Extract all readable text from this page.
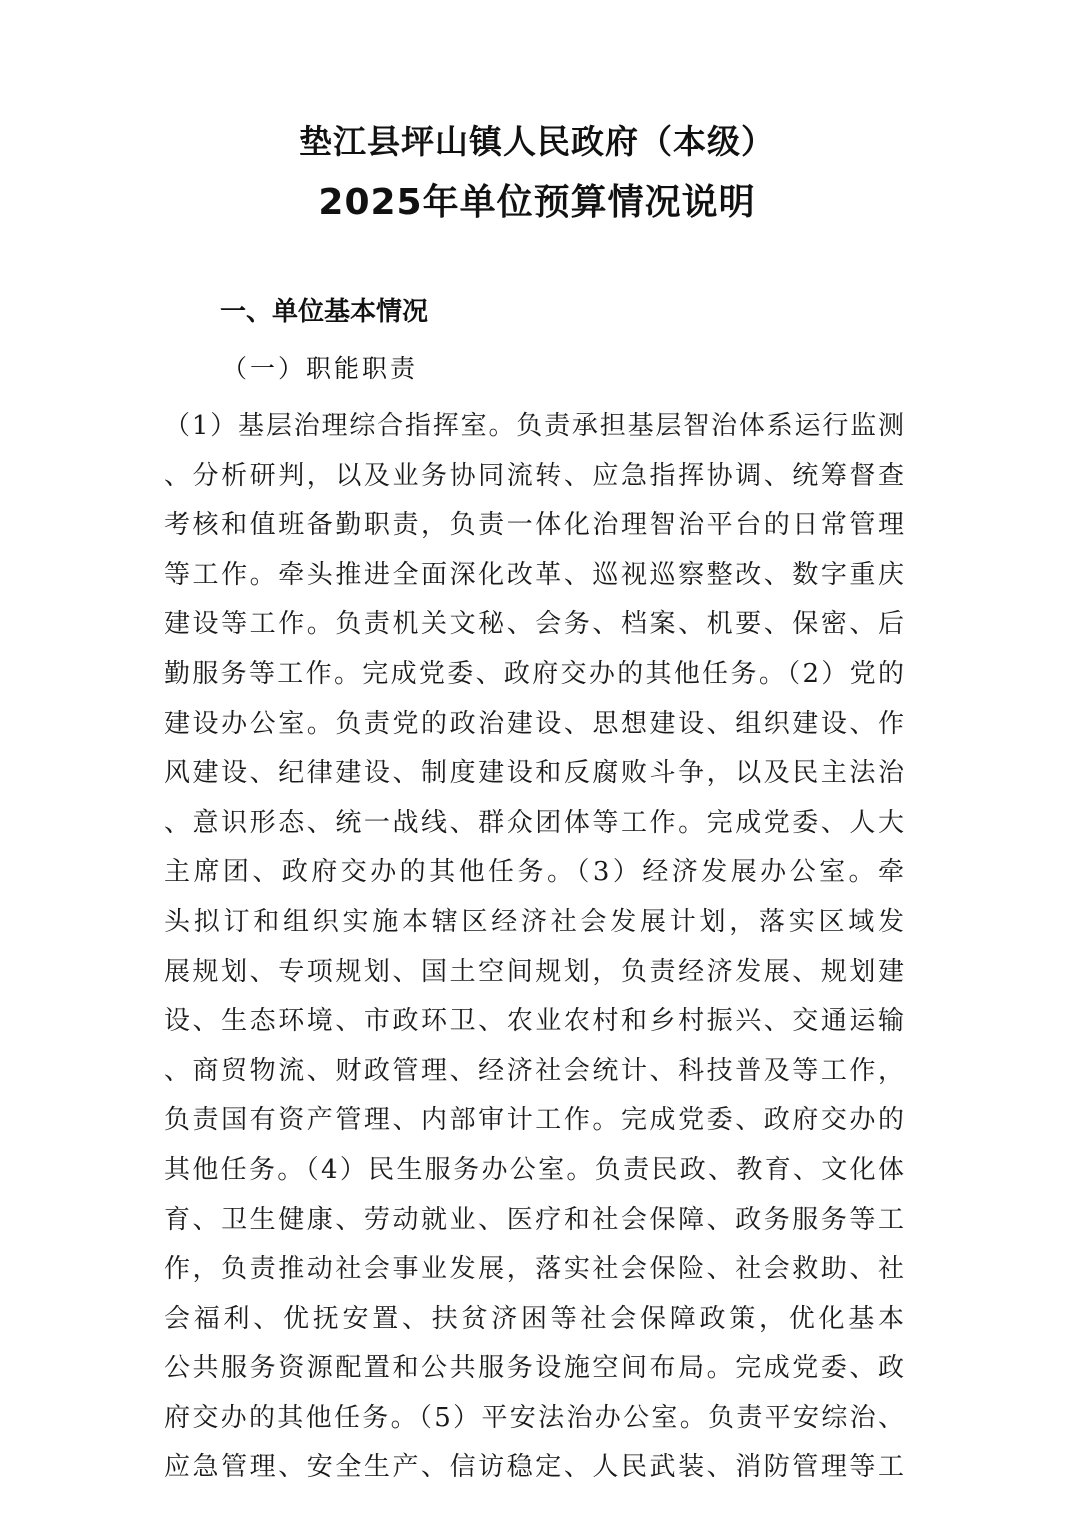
垫江县坪山镇人民政府（本级）
2025年单位预算情况说明
一、单位基本情况
（一）职能职责
（1）基层治理综合指挥室。负责承担基层智治体系运行监测
、分析研判，以及业务协同流转、应急指挥协调、统筹督查
考核和值班备勤职责，负责一体化治理智治平台的日常管理
等工作。牵头推进全面深化改革、巡视巡察整改、数字重庆
建设等工作。负责机关文秘、会务、档案、机要、保密、后
勤服务等工作。完成党委、政府交办的其他任务。（2）党的
建设办公室。负责党的政治建设、思想建设、组织建设、作
风建设、纪律建设、制度建设和反腐败斗争，以及民主法治
、意识形态、统一战线、群众团体等工作。完成党委、人大
主席团、政府交办的其他任务。（3）经济发展办公室。牵
头拟订和组织实施本辖区经济社会发展计划，落实区域发
展规划、专项规划、国土空间规划，负责经济发展、规划建
设、生态环境、市政环卫、农业农村和乡村振兴、交通运输
、商贸物流、财政管理、经济社会统计、科技普及等工作，
负责国有资产管理、内部审计工作。完成党委、政府交办的
其他任务。（4）民生服务办公室。负责民政、教育、文化体
育、卫生健康、劳动就业、医疗和社会保障、政务服务等工
作，负责推动社会事业发展，落实社会保险、社会救助、社
会福利、优抚安置、扶贫济困等社会保障政策，优化基本
公共服务资源配置和公共服务设施空间布局。完成党委、政
府交办的其他任务。（5）平安法治办公室。负责平安综治、
应急管理、安全生产、信访稳定、人民武装、消防管理等工
